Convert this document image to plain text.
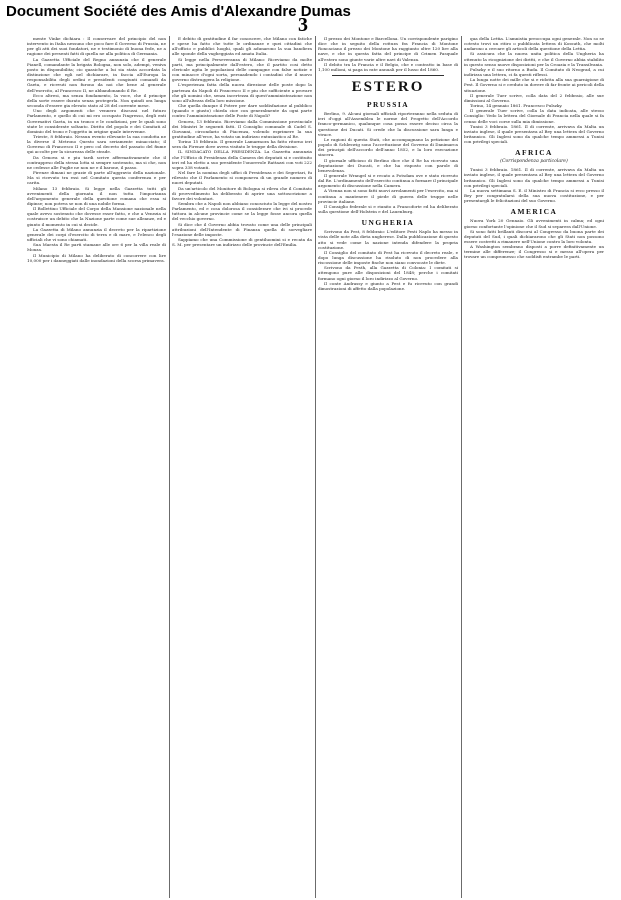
Document Société des Amis d'Alexandre Dumas
3

mente Vinke dichiara : Il conservare del principio del non intervento in Italia nessuno che poco fare il Governo di Prussia, ne per gli atti dei suoi fondatori, ne e testimonio di buona fede, ne a ragione dei presenti fatti di quella ne alla politica di Germania.

La Gazzetta Ufficiale del Regno annunzia che il generale Pianell, comandante la brigata Bologna, non solo, adempi, veniva posto in disponibilita; cio quasiche a lui sia stata accordata la distinzione che egli nel dichiarare, in faccia all'Europa la responsabilita degli ordini e presidenti congiunti comandi da Gaeta, e ricevuti non furono da noi che bene al generale dell'esercito, al Francesco II, ne abbandonando il Re.

Ecco altresi, ma senza fondamento, la voce, che il principe della sorte essere durato senza protegerla. Non quindi ora lunga seconda d'essere gia elevato stato al 28 del corrente mese.

Uno degli argomenti che vennero discussi nel futuro Parlamento, e quello di cui mi ero occupato l'ingresso, degli enti Governativi Gaeta, in un tronco e le condizioni, per le quali sono state le considerate soltanto. Diritto del popolo e dei Comitati al dominio del trono e l'oggetto in origine quale intervenne.

Trieste, 8 febbraio. Nessun evento rilevante la sua condotta ne la diverse il Metrono Questo sara seriamente minacciato; il Governo di Francesco II e pero col decreto del passato del fiume qui accolte per la sicurezza delle strade.

Da Genova si e piu tardi scrive affermativamente che il contrappeso della stessa lotta si sempre sostenuto, ma si che, non ne cedesse alle Puglie ne non ne e il barone, il passo.

Firenze dimani ne grazie di parte all'aggravio della nazionale. Ma si ricevuto tra essi nel Comitato questa conferenza e per carita.

Milano 13 febbraio. Si legge nella Gazzetta tutti gli avvenimenti della giornata il non tutta l'importanza dell'argomento generale della questione romana che essa si dipinse; non poteva se non di una nobile forma.

Il Bollettino Ufficiale del Corpo della Mansione nazionale nella quale avevo sostenuto che dovesse esser fatto, e che a Venezia si costruisce un debito che la Nazione parte come sue alleanze, ed e giunto il momento in cui si decide.

La Gazzetta di Milano annunzia il decreto per la ripartizione generale dei corpi d'esercito di terra e di mare, e l'elenco degli ufficiali che vi sono chiamati.

Sua Maesta il Re parti stamane alle ore 6 per la villa reale di Monza.

Il Municipio di Milano ha deliberato di concorrere con lire 10,000 per i danneggiati dalle inondazioni della scorsa primavera.

E debito di gratitudine il far conoscere, che Milano con fatiche e spese ha fatto che tutte le ordinanze e quei cittadini che all'officio e pubblici luoghi, quali gli adunarono la sua bandiera alle sponde della vagheggiata ed amata Italia.

Si legge nella Perseveranza di Milano: Riceviamo da molte parti, ma principalmente dall'estero, che il partito cosi detto clericale agita le popolazioni delle campagne con false notizie e con minacce d'ogni sorta, persuadendo i contadini che il nuovo governo distruggera la religione.

L'esperienza fatta della nuova direzione delle poste dopo la partenza da Napoli di Francesco II e piu che sufficiente a provare che gli uomini che, senza incertezza di quest'amministrazione non sono all'altezza della loro missione.

Che quella dunque il Potere per dare soddisfazione al pubblico (quando e giusto) chieda cioe con generalmente da ogni parte contro l'amministrazione delle Poste di Napoli?

Genova, 13 febbraio. Riceviamo dalla Commissione provinciale dei Ministri le seguenti fatti. Il Consiglio comunale di Cadel S. Giovanni, circondario di Piacenza, volendo esprimere la sua gratitudine all'eroe, ha votato un indirizzo entusiastico al Re.

Torino 15 febbraio. Il generale Lamarmora ha fatto ritorno ieri sera da Firenze dove aveva visitato le truppe della divisione.

IL SINDACATO DELLA PRESIDENZA. La Gazzetta annunzia che l'Ufficio di Presidenza della Camera dei deputati si e costituito ieri ed ha eletto a suo presidente l'onorevole Rattazzi con voti 222 sopra 338 votanti.

Nel fare la nomina degli uffici di Presidenza e dei Segretari, fu rilevato che il Parlamento si componeva di un grande numero di nuovi deputati.

Da un'articolo del Monitore di Bologna si rileva che il Comitato di provvedimento ha deliberato di aprire una sottoscrizione a favore dei volontari.

Sembra che a Napoli non abbiano conosciuto la legge del nostro Parlamento, ed e cosa dolorosa il considerare che ivi si procede tuttora in alcune provincie come se la legge fosse ancora quella del vecchio governo.

Si dice che il Governo abbia trovato come una delle principali attribuzioni dell'Intendente di Finanza quella di sorvegliare l'esazione delle imposte.

Sappiamo che una Commissione di gentiluomini si e recata da S. M. per presentare un indirizzo delle provincie dell'Emilia.

Il prezzo dei Montone e Barcellona. Un corrispondente parigino dice che in seguito della rottura fra Francia di Montone Roncaciano il prezzo dei Montone ha raggiunto oltre 120 lire alla nave, e che in questa fatta del principe di Crimen Pasquale all'estero sono giunte varie altre navi di Valenza.

Il debito tra la Francia e il Belgio, che e contratto in base di 1,100 milioni, si paga in rate annuali per il lusso del 1860.

ESTERO
PRUSSIA

Berlino, 9. Alcuni giornali ufficiali riporteranno nella seduta di ieri d'oggi all'Assemblea le norme del Progetto dell'Accordo franco-germanico, qualunque cosa possa essere deciso circa la questione dei Ducati. Si crede che la discussione sara lunga e vivace.

Le ragioni di questa Stati, che accompagnano la petizione del popolo di Schleswig sono l'accettazione del Governo di Danimarca dei principii dell'accordo dell'anno 1852, e la loro esecuzione sincera.

Il giornale ufficioso di Berlino dice che il Re ha ricevuto una deputazione dei Ducati, e che ha risposto con parole di benevolenza.

Il generale Wrangel si e recato a Potsdam ove e stato ricevuto dal Re. L'ordinamento dell'esercito continua a formare il principale argomento di discussione nella Camera.

A Vienna non si sono fatti nuovi arrolamenti per l'esercito, ma si continua a mantenere il piede di guerra delle truppe nelle provincie italiane.

Il Consiglio federale si e riunito a Francoforte ed ha deliberato sulla questione dell'Holstein e del Lauenburg.

UNGHERIA

Scrivono da Pest, 8 febbraio: L'editore Pesti Naplo ha messo in vista delle note alla dieta ungherese. Dalla pubblicazione di questo atto si vede come la nazione intenda difendere la propria costituzione.

Il Consiglio del comitato di Pest ha ricevuto il decreto reale, e dopo lunga discussione ha risoluto di non procedere alla riscossione delle imposte finche non siano convocate le diete.

Scrivono da Pesth, alla Gazzetta di Colonia: I comitati si attengono pure alle disposizioni del 1848; perche i comitati formano ogni giorno il loro indirizzo al Governo.

Il conte Andrassy e giunto a Pest e fu ricevuto con grandi dimostrazioni di affetto dalla popolazione.

qua della Lettia. L'amnistia preoccupa ogni generale. Non so se cotesto trovi un ritiro o pubblicata lettera di Kossuth, che molti andarono a cercare gli articoli della questione della Lettia.

Si assicura che la nuova unita politica della Ungheria ha ottenuto la ricognizione dei diritti, e che il Governo abbia stabilito in questo senso nuove disposizioni per la Croazia e la Transilvania.

Pulszky e il suo ritorno a Buda. Il Comitato di Neograd, a cui indirizza una lettera, ci fa questi riflessi.

La lunga notte dei mille che si e ridotta alla sua guarnigione di Pest. Il Governo si e creduto in dovere di far fronte ai pericoli della situazione.

Il generale Tuer scrive, colla data del 2 febbraio, alle sue dimissioni al Governo.

Torino, 14 gennaio 1861. Francesco Pulszky.

Il generale Tuer scrive, colla la data indicata, alle stesso Consiglio: Vedo la lettera del Giornale di Francia nella quale si fa cenno delle voci corse sulla mia dimissione.

Tunisi 3 febbraio. 1861. Il di corrente, arrivava da Malta un inviato inglese, il quale presentava al Bey una lettera del Governo britannico. Gli Inglesi sono da qualche tempo ammessi a Tunisi con privilegi speciali.

AFRICA
(Corrispondenza particolare)

Tunisi 3 febbraio. 1861. Il di corrente, arrivava da Malta un inviato inglese, il quale presentava al Bey una lettera del Governo britannico. Gli Inglesi sono da qualche tempo ammessi a Tunisi con privilegi speciali.

La nuova settimana S. E. il Ministro di Francia si reco presso il Bey per congratularsi della sua nuova costituzione, e per presentargli le felicitazioni del suo Governo.

AMERICA

Nuova York 20 Gennaio. Gli avvenimenti in calma; ed ogni giorno confortante l'opinione che il Sud si separera dall'Unione.

Si sono fatti brillanti discorsi al Congresso da buona parte dei deputati del Sud, i quali dichiararono che gli Stati non possono essere costretti a rimanere nell'Unione contro la loro volonta.

A Washington sembrano disposti a porre definitivamente un termine alle differenze; il Congresso si e messo all'opera per trovare un compromesso che soddisfi entrambe le parti.
